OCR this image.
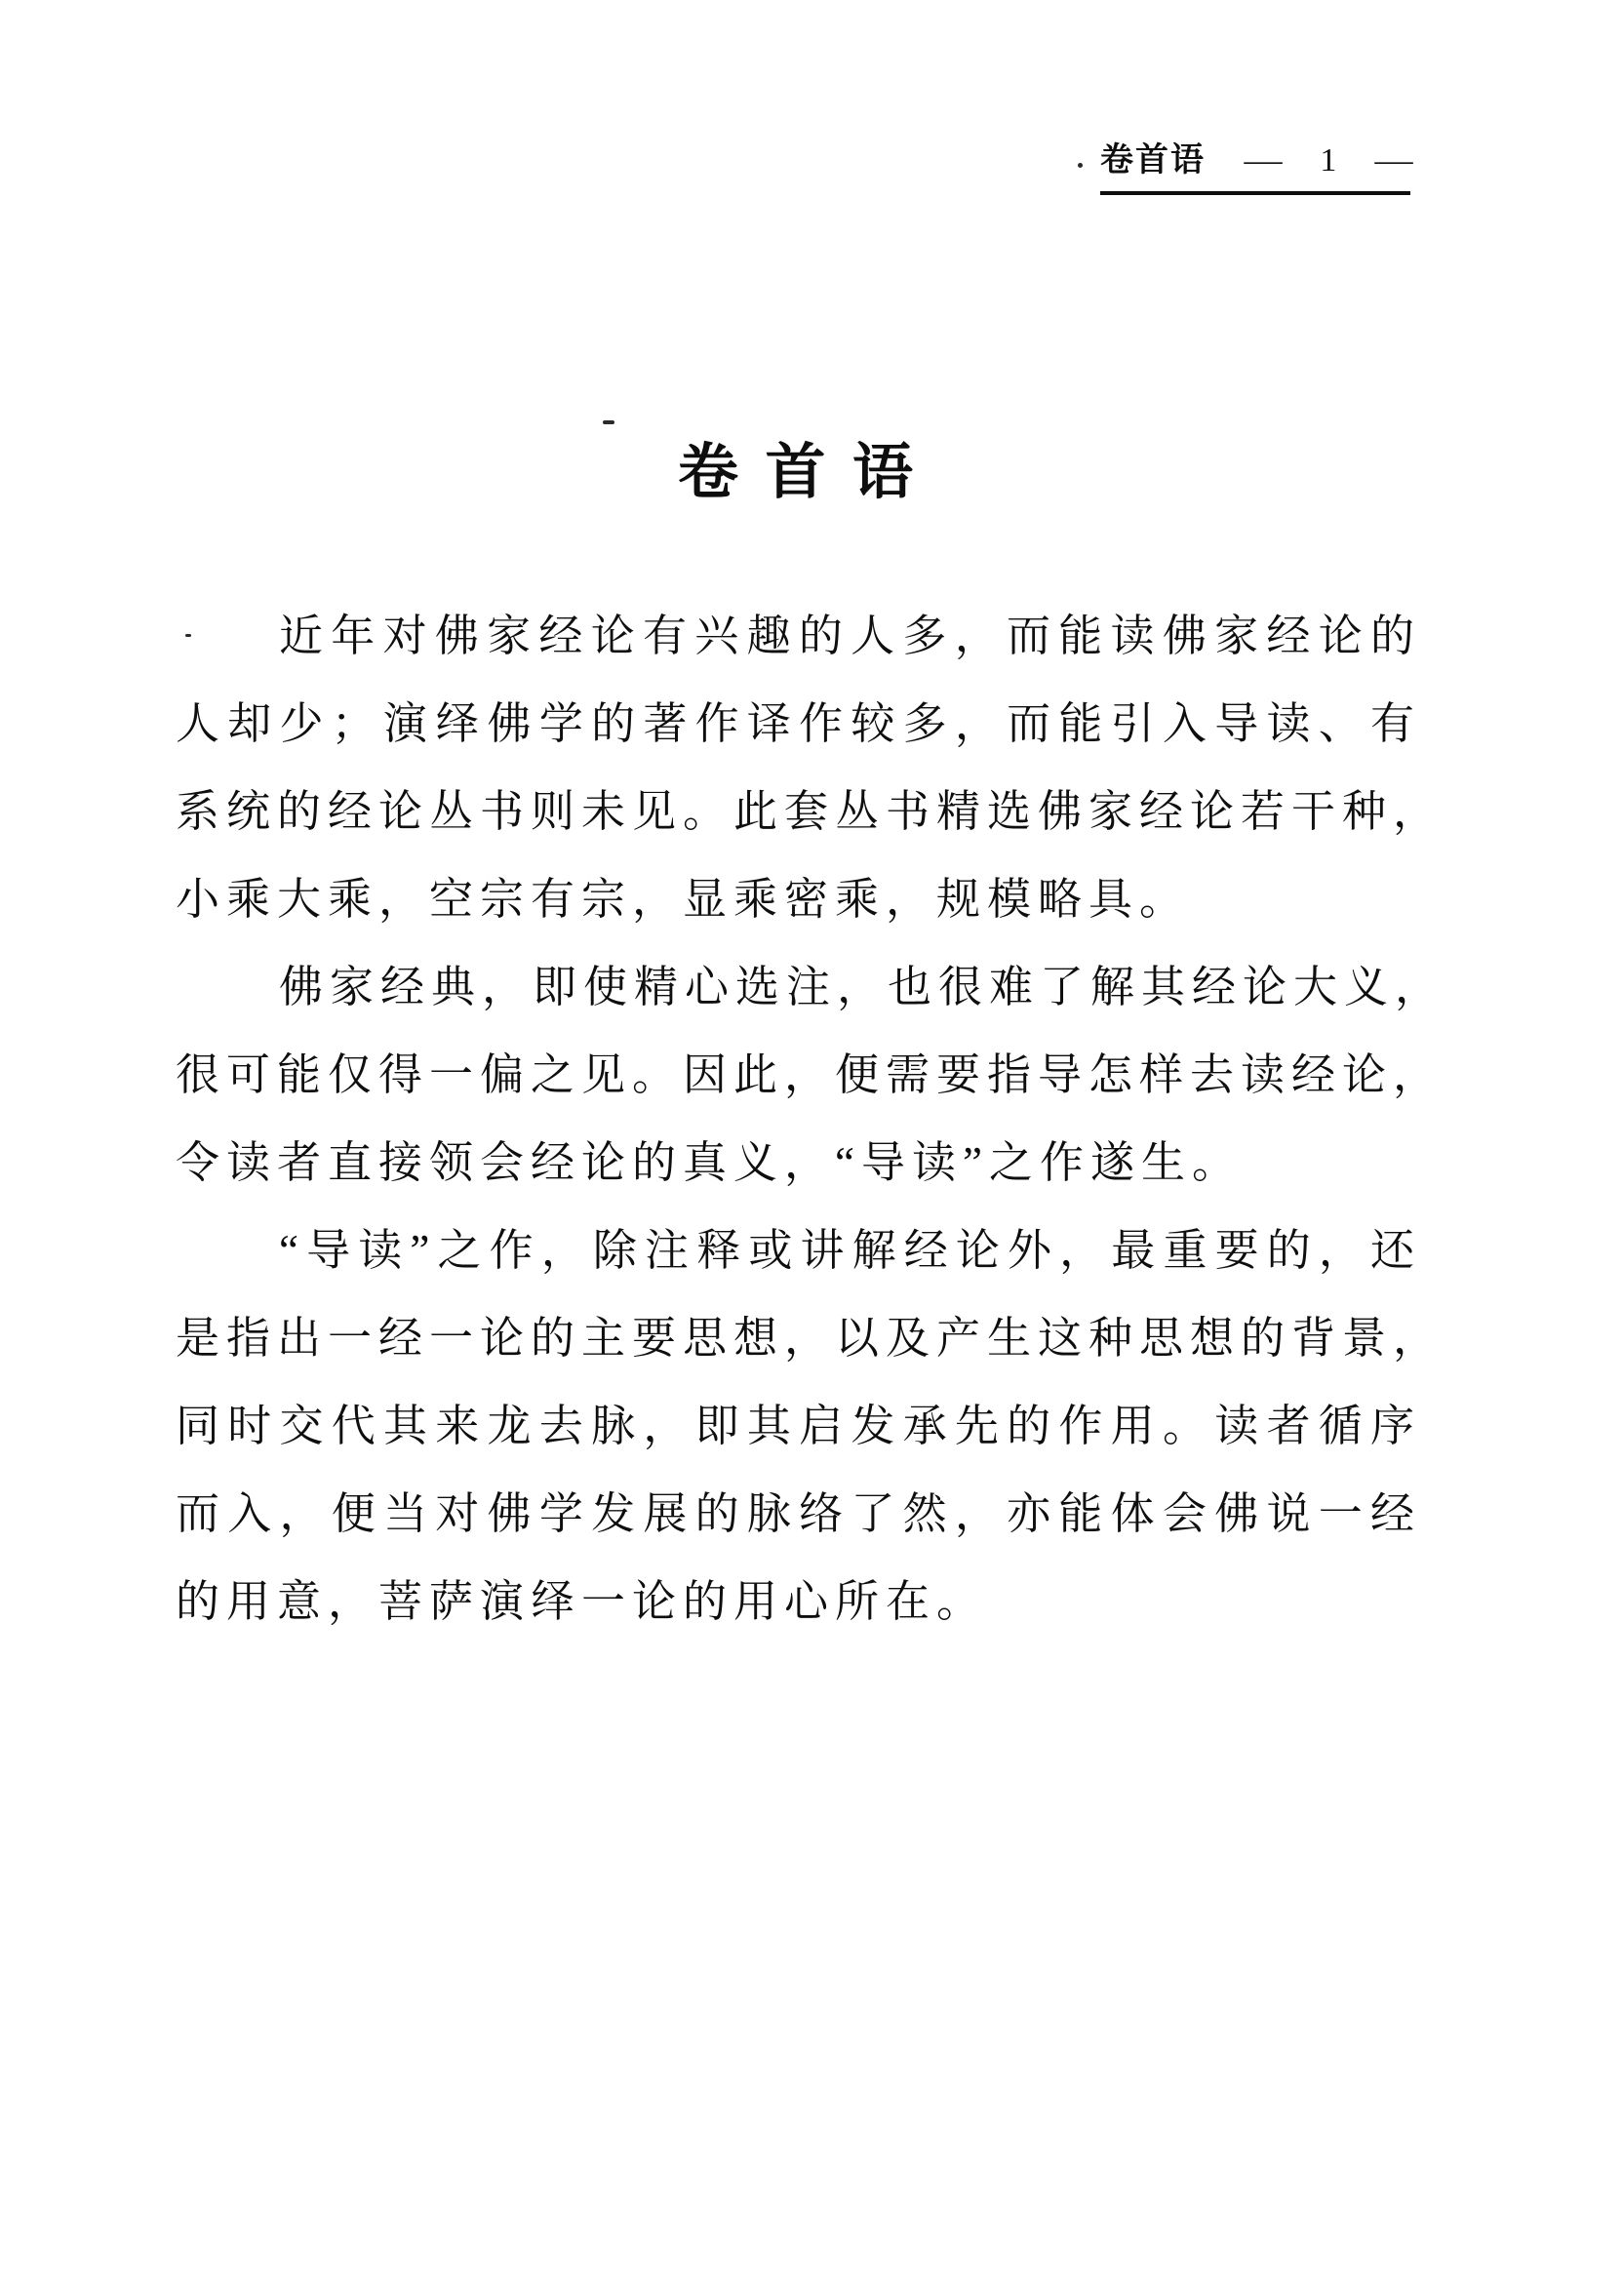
卷首语 — 1 —
卷 首 语
近年对佛家经论有兴趣的人多，而能读佛家经论的
人却少；演绎佛学的著作译作较多，而能引入导读、有
系统的经论丛书则未见。此套丛书精选佛家经论若干种，
小乘大乘，空宗有宗，显乘密乘，规模略具。
佛家经典，即使精心选注，也很难了解其经论大义，
很可能仅得一偏之见。因此，便需要指导怎样去读经论，
令读者直接领会经论的真义，“导读”之作遂生。
“导读”之作，除注释或讲解经论外，最重要的，还
是指出一经一论的主要思想，以及产生这种思想的背景，
同时交代其来龙去脉，即其启发承先的作用。读者循序
而入，便当对佛学发展的脉络了然，亦能体会佛说一经
的用意，菩萨演绎一论的用心所在。
